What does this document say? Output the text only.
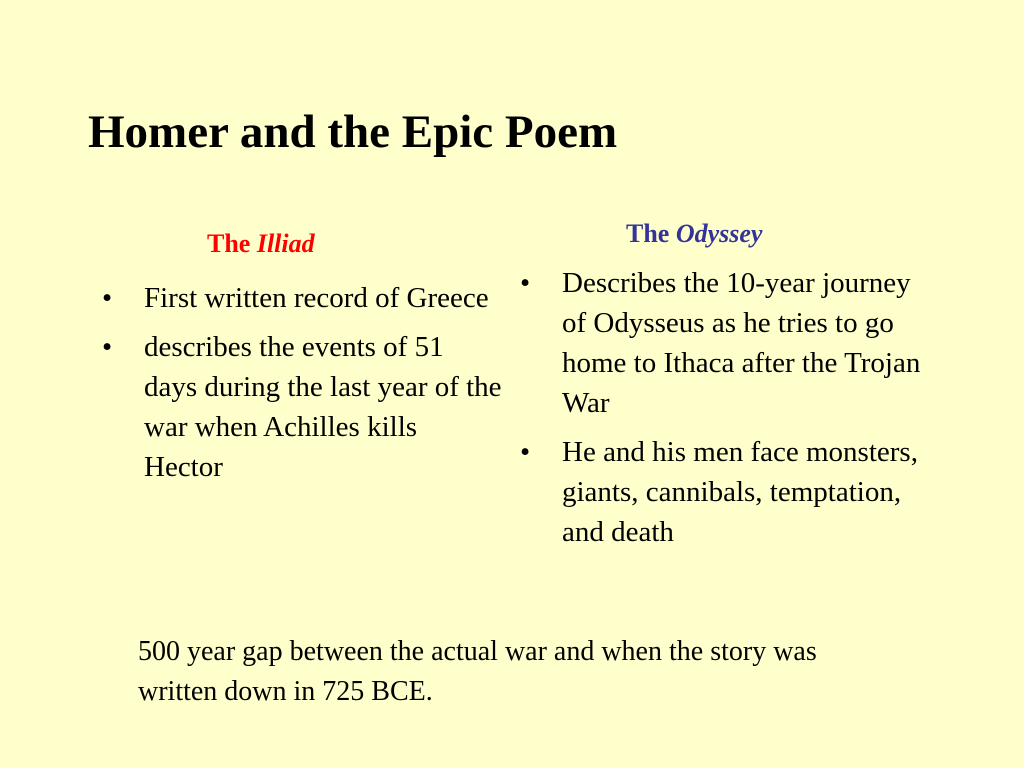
Homer and the Epic Poem
The Illiad
•	First written record of Greece
•	describes the events of 51 days during the last year of the war when Achilles kills Hector
The Odyssey
•	Describes the 10-year journey of Odysseus as he tries to go home to Ithaca after the Trojan War
•	He and his men face monsters, giants, cannibals, temptation, and death

500 year gap between the actual war and when the story was written down in 725 BCE.
